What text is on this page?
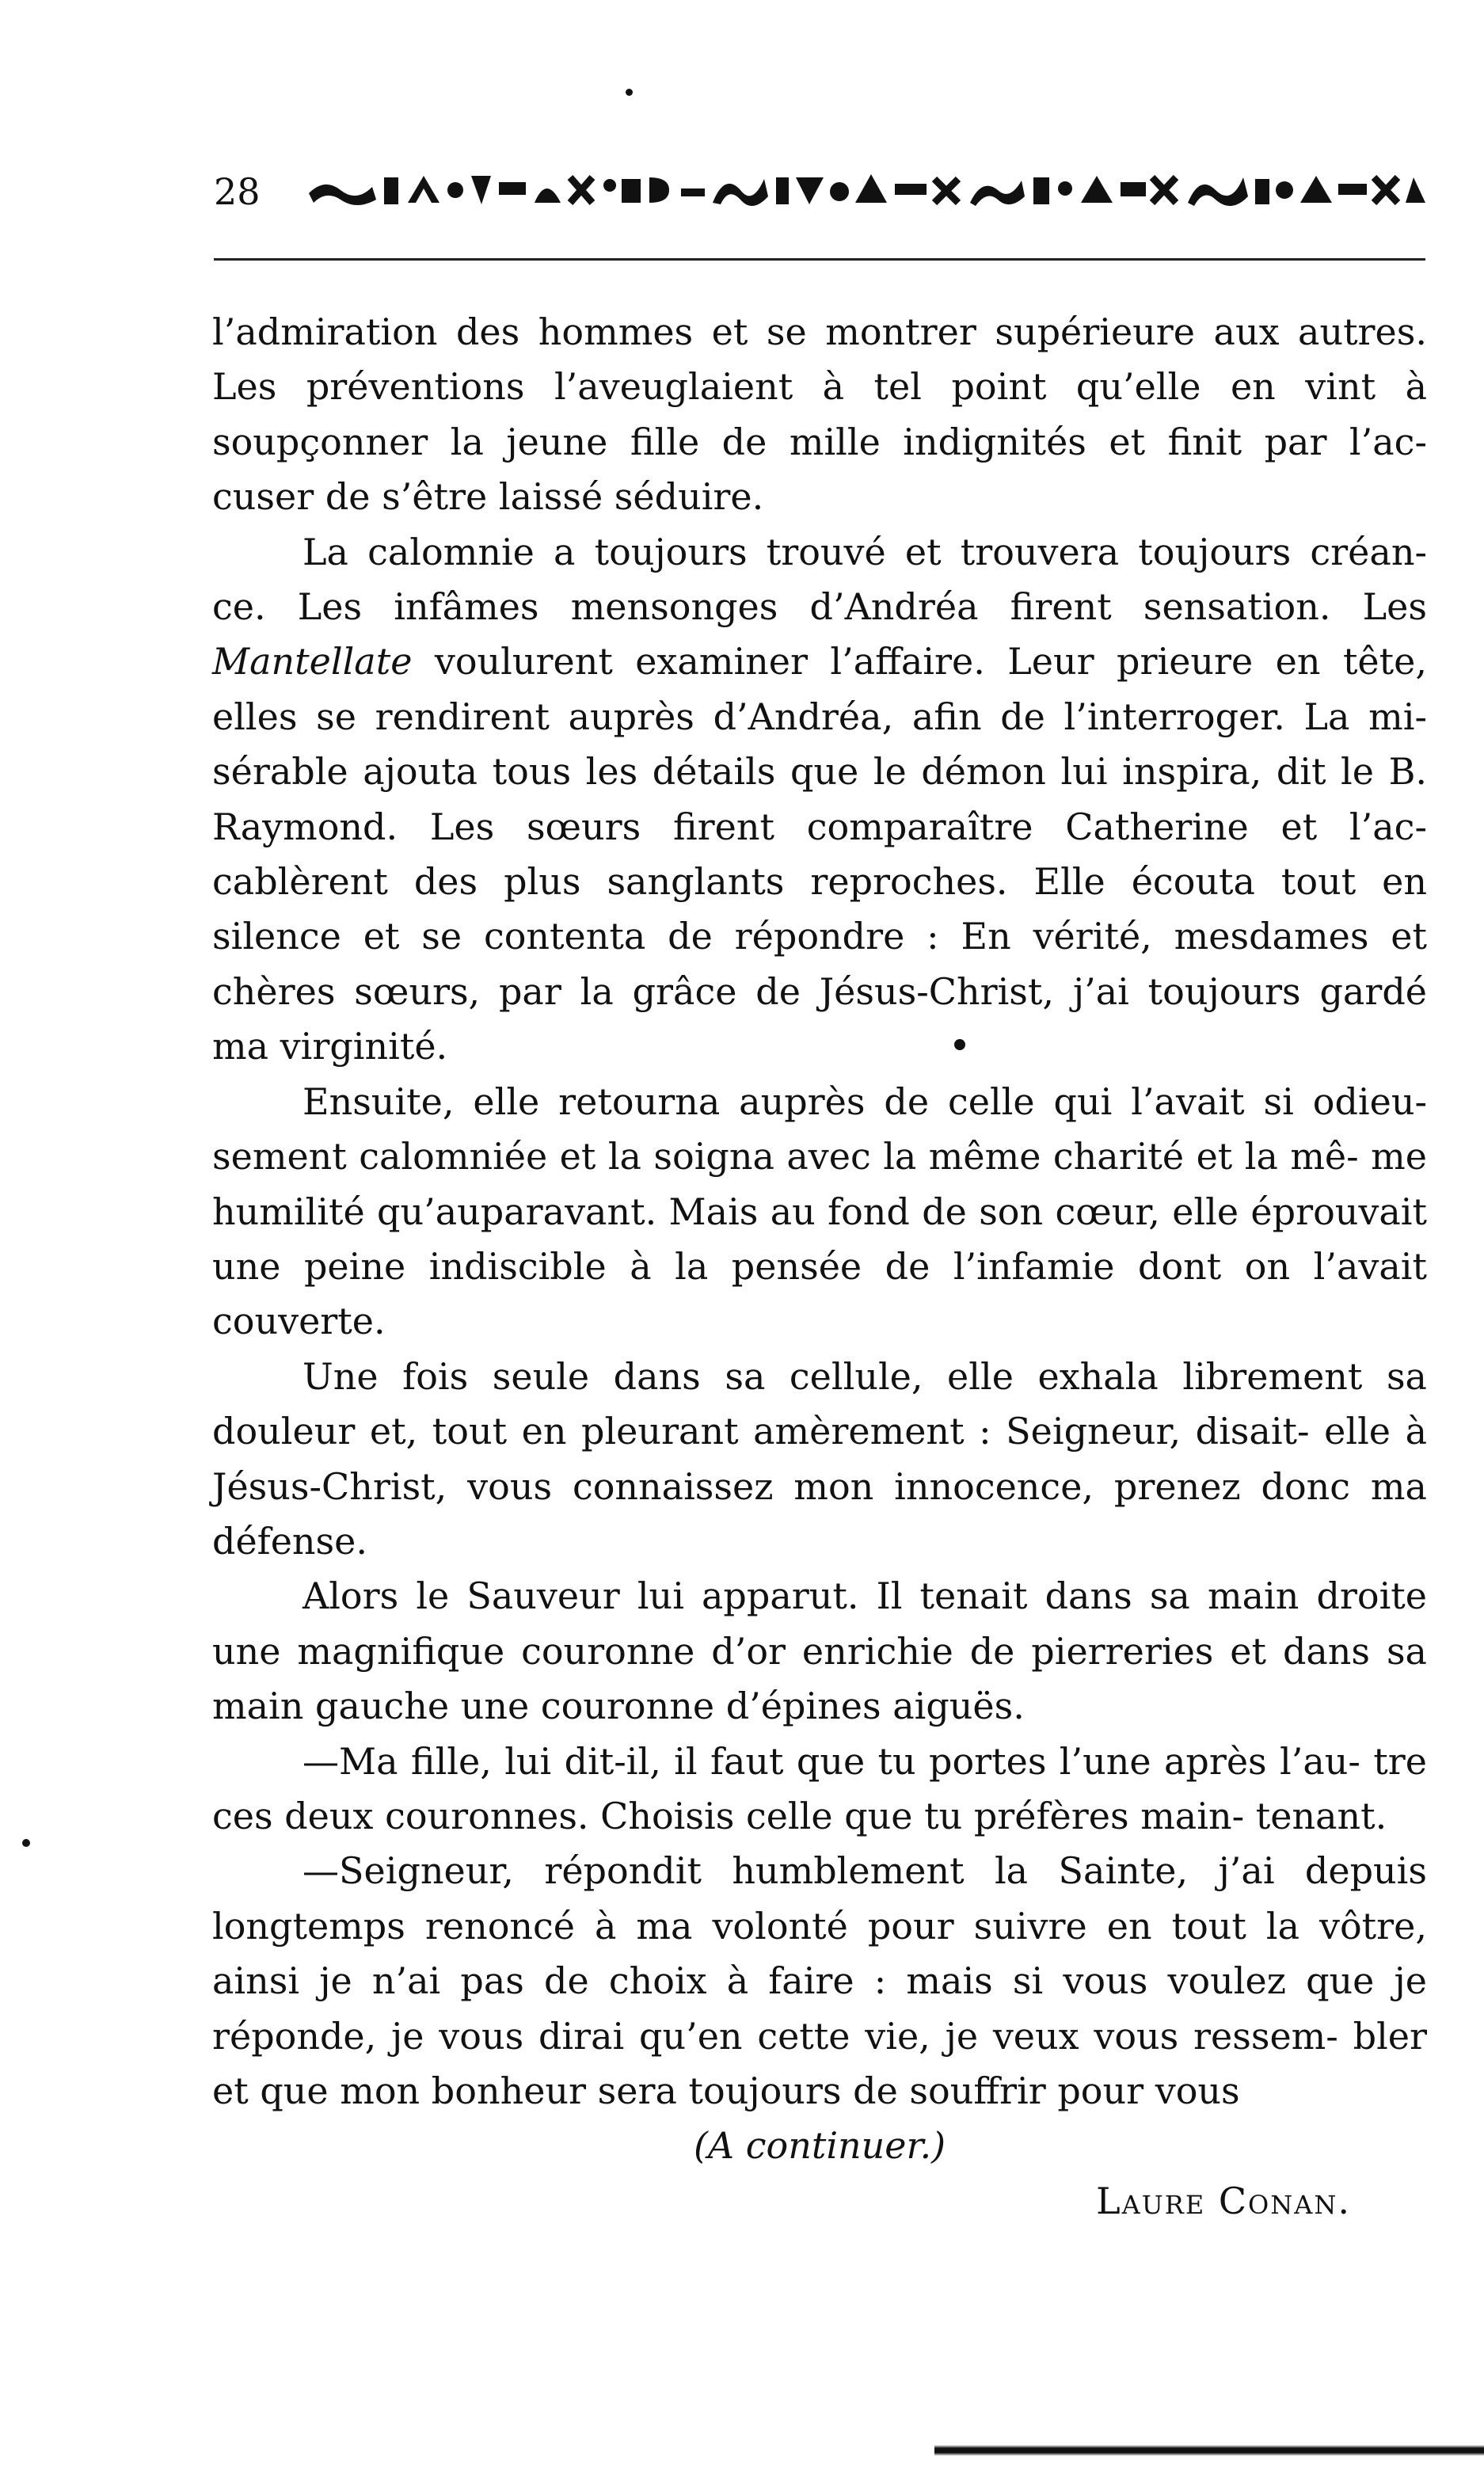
28

l’admiration des hommes et se montrer supérieure aux autres. Les préventions l’aveuglaient à tel point qu’elle en vint à soupçonner la jeune fille de mille indignités et finit par l’ac- cuser de s’être laissé séduire.

La calomnie a toujours trouvé et trouvera toujours créan- ce. Les infâmes mensonges d’Andréa firent sensation. Les Mantellate voulurent examiner l’affaire. Leur prieure en tête, elles se rendirent auprès d’Andréa, afin de l’interroger. La mi- sérable ajouta tous les détails que le démon lui inspira, dit le B. Raymond. Les sœurs firent comparaître Catherine et l’ac- cablèrent des plus sanglants reproches. Elle écouta tout en silence et se contenta de répondre : En vérité, mesdames et chères sœurs, par la grâce de Jésus-Christ, j’ai toujours gardé ma virginité.

Ensuite, elle retourna auprès de celle qui l’avait si odieu- sement calomniée et la soigna avec la même charité et la mê- me humilité qu’auparavant. Mais au fond de son cœur, elle éprouvait une peine indiscible à la pensée de l’infamie dont on l’avait couverte.

Une fois seule dans sa cellule, elle exhala librement sa douleur et, tout en pleurant amèrement : Seigneur, disait- elle à Jésus-Christ, vous connaissez mon innocence, prenez donc ma défense.

Alors le Sauveur lui apparut. Il tenait dans sa main droite une magnifique couronne d’or enrichie de pierreries et dans sa main gauche une couronne d’épines aiguës.

—Ma fille, lui dit-il, il faut que tu portes l’une après l’au- tre ces deux couronnes. Choisis celle que tu préfères main- tenant.

—Seigneur, répondit humblement la Sainte, j’ai depuis longtemps renoncé à ma volonté pour suivre en tout la vôtre, ainsi je n’ai pas de choix à faire : mais si vous voulez que je réponde, je vous dirai qu’en cette vie, je veux vous ressem- bler et que mon bonheur sera toujours de souffrir pour vous

(A continuer.)

Laure Conan.
